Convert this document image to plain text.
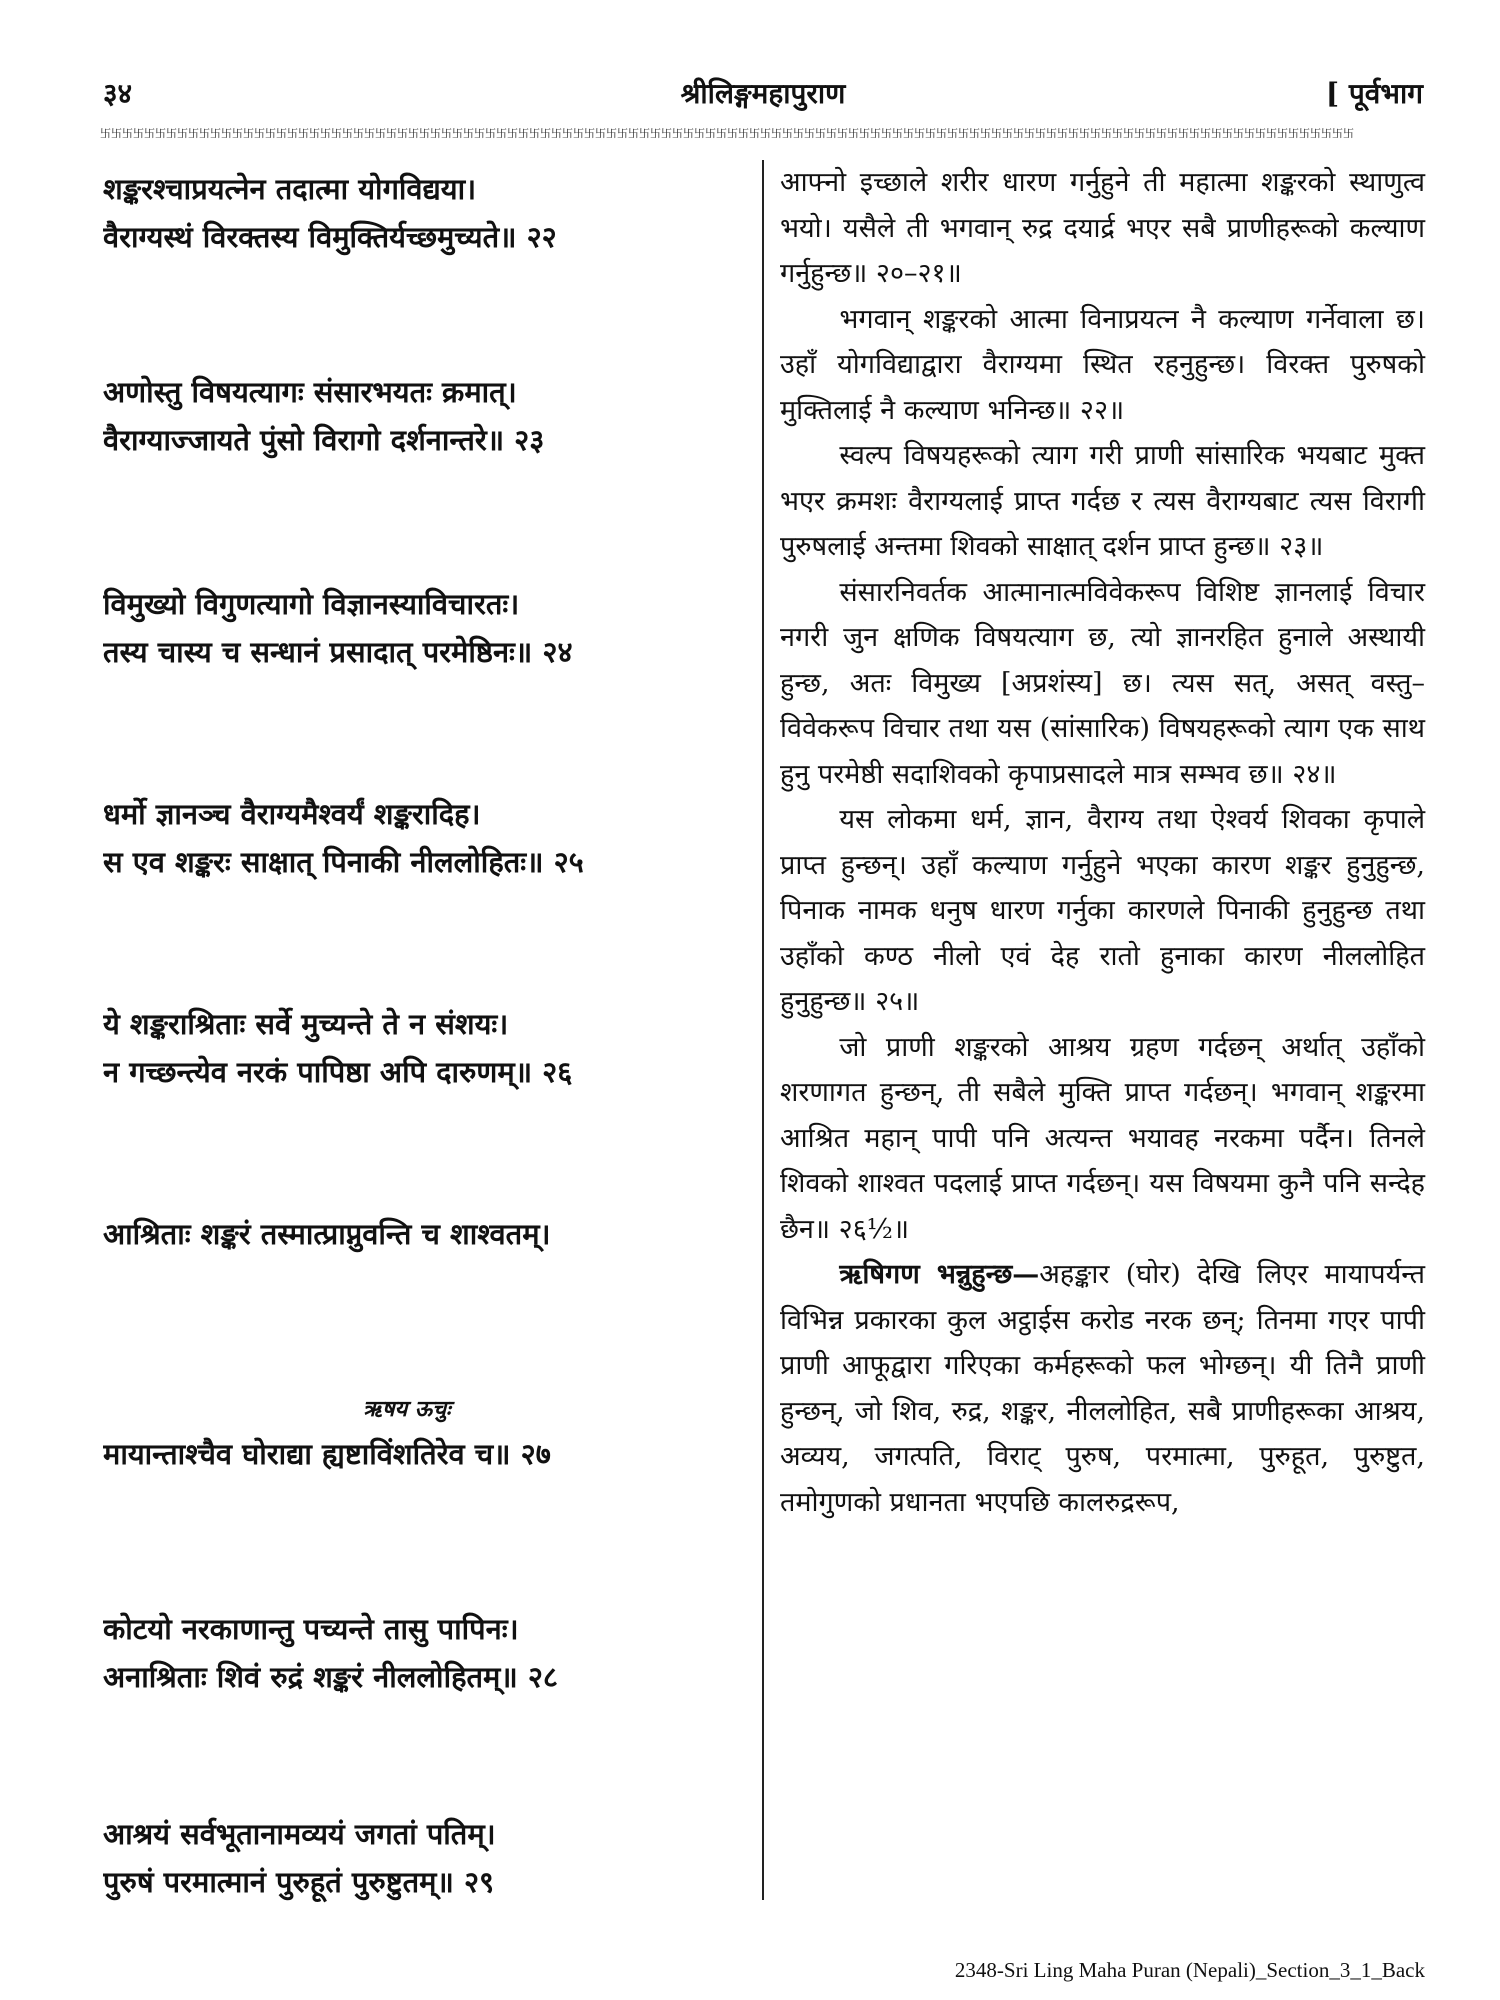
३४	श्रीलिङ्गमहापुराण	[ पूर्वभाग
卐卐卐卐卐卐卐卐卐卐卐卐卐卐卐卐卐卐卐卐卐卐卐卐卐卐卐卐卐卐卐卐卐卐卐卐卐卐卐卐卐卐卐卐卐卐卐卐卐卐卐卐卐卐卐卐卐卐卐卐卐卐卐卐卐卐卐卐卐卐卐卐卐卐卐卐卐卐卐卐卐卐卐卐卐卐卐卐卐卐卐卐卐卐卐卐卐卐卐卐卐卐卐卐卐卐卐卐卐卐卐卐卐卐
शङ्करश्चाप्रयत्नेन तदात्मा योगविद्यया।
वैराग्यस्थं विरक्तस्य विमुक्तिर्यच्छमुच्यते॥ २२
अणोस्तु विषयत्यागः संसारभयतः क्रमात्।
वैराग्याज्जायते पुंसो विरागो दर्शनान्तरे॥ २३
विमुख्यो विगुणत्यागो विज्ञानस्याविचारतः।
तस्य चास्य च सन्धानं प्रसादात् परमेष्ठिनः॥ २४
धर्मो ज्ञानञ्च वैराग्यमैश्वर्यं शङ्करादिह।
स एव शङ्करः साक्षात् पिनाकी नीललोहितः॥ २५
ये शङ्कराश्रिताः सर्वे मुच्यन्ते ते न संशयः।
न गच्छन्त्येव नरकं पापिष्ठा अपि दारुणम्॥ २६
आश्रिताः शङ्करं तस्मात्प्राप्नुवन्ति च शाश्वतम्।
ऋषय ऊचुः
मायान्ताश्चैव घोराद्या ह्यष्टाविंशतिरेव च॥ २७
कोटयो नरकाणान्तु पच्यन्ते तासु पापिनः।
अनाश्रिताः शिवं रुद्रं शङ्करं नीललोहितम्॥ २८
आश्रयं सर्वभूतानामव्ययं जगतां पतिम्।
पुरुषं परमात्मानं पुरुहूतं पुरुष्टुतम्॥ २९

आफ्नो इच्छाले शरीर धारण गर्नुहुने ती महात्मा शङ्करको स्थाणुत्व भयो। यसैले ती भगवान् रुद्र दयार्द्र भएर सबै प्राणीहरूको कल्याण गर्नुहुन्छ॥ २०–२१॥

भगवान् शङ्करको आत्मा विनाप्रयत्न नै कल्याण गर्नेवाला छ। उहाँ योगविद्याद्वारा वैराग्यमा स्थित रहनुहुन्छ। विरक्त पुरुषको मुक्तिलाई नै कल्याण भनिन्छ॥ २२॥

स्वल्प विषयहरूको त्याग गरी प्राणी सांसारिक भयबाट मुक्त भएर क्रमशः वैराग्यलाई प्राप्त गर्दछ र त्यस वैराग्यबाट त्यस विरागी पुरुषलाई अन्तमा शिवको साक्षात् दर्शन प्राप्त हुन्छ॥ २३॥

संसारनिवर्तक आत्मानात्मविवेकरूप विशिष्ट ज्ञानलाई विचार नगरी जुन क्षणिक विषयत्याग छ, त्यो ज्ञानरहित हुनाले अस्थायी हुन्छ, अतः विमुख्य [अप्रशंस्य] छ। त्यस सत्, असत् वस्तु–विवेकरूप विचार तथा यस (सांसारिक) विषयहरूको त्याग एक साथ हुनु परमेष्ठी सदाशिवको कृपाप्रसादले मात्र सम्भव छ॥ २४॥

यस लोकमा धर्म, ज्ञान, वैराग्य तथा ऐश्वर्य शिवका कृपाले प्राप्त हुन्छन्। उहाँ कल्याण गर्नुहुने भएका कारण शङ्कर हुनुहुन्छ, पिनाक नामक धनुष धारण गर्नुका कारणले पिनाकी हुनुहुन्छ तथा उहाँको कण्ठ नीलो एवं देह रातो हुनाका कारण नीललोहित हुनुहुन्छ॥ २५॥

जो प्राणी शङ्करको आश्रय ग्रहण गर्दछन् अर्थात् उहाँको शरणागत हुन्छन्, ती सबैले मुक्ति प्राप्त गर्दछन्। भगवान् शङ्करमा आश्रित महान् पापी पनि अत्यन्त भयावह नरकमा पर्दैन। तिनले शिवको शाश्वत पदलाई प्राप्त गर्दछन्। यस विषयमा कुनै पनि सन्देह छैन॥ २६½॥

ऋषिगण भन्नुहुन्छ—अहङ्कार (घोर) देखि लिएर मायापर्यन्त विभिन्न प्रकारका कुल अट्ठाईस करोड नरक छन्; तिनमा गएर पापी प्राणी आफूद्वारा गरिएका कर्महरूको फल भोग्छन्। यी तिनै प्राणी हुन्छन्, जो शिव, रुद्र, शङ्कर, नीललोहित, सबै प्राणीहरूका आश्रय, अव्यय, जगत्पति, विराट् पुरुष, परमात्मा, पुरुहूत, पुरुष्टुत, तमोगुणको प्रधानता भएपछि कालरुद्ररूप,

2348-Sri Ling Maha Puran (Nepali)_Section_3_1_Back
